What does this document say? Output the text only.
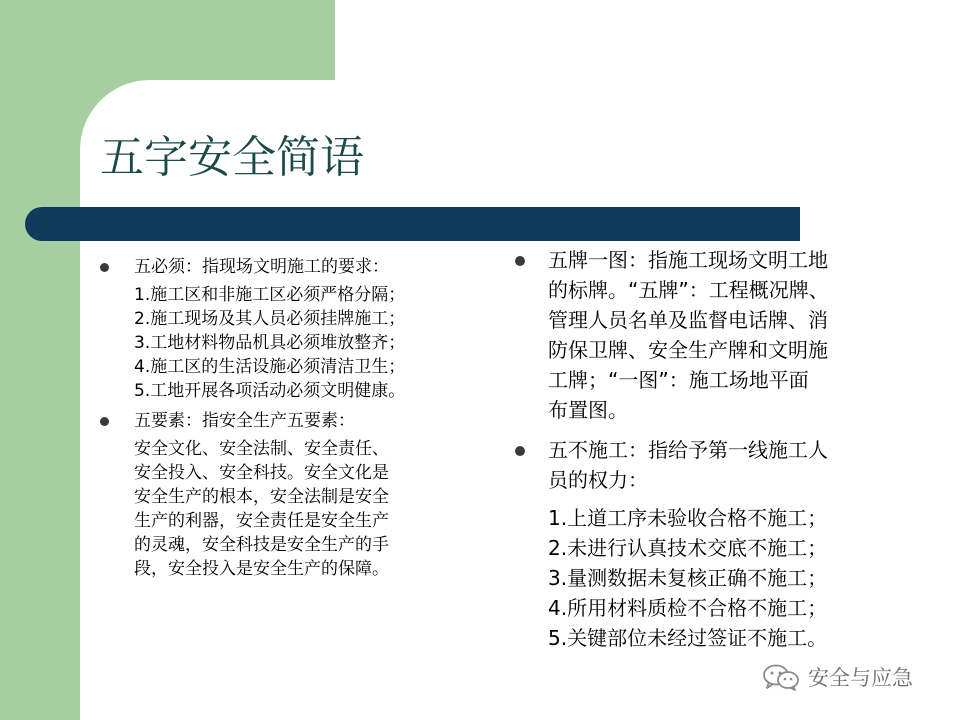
五字安全简语
五必须：指现场文明施工的要求：
1.施工区和非施工区必须严格分隔；
2.施工现场及其人员必须挂牌施工；
3.工地材料物品机具必须堆放整齐；
4.施工区的生活设施必须清洁卫生；
5.工地开展各项活动必须文明健康。
五要素：指安全生产五要素：
安全文化、安全法制、安全责任、
安全投入、安全科技。安全文化是
安全生产的根本，安全法制是安全
生产的利器，安全责任是安全生产
的灵魂，安全科技是安全生产的手
段，安全投入是安全生产的保障。
五牌一图：指施工现场文明工地
的标牌。“五牌”：工程概况牌、
管理人员名单及监督电话牌、消
防保卫牌、安全生产牌和文明施
工牌；“一图”：施工场地平面
布置图。
五不施工：指给予第一线施工人
员的权力：
1.上道工序未验收合格不施工；
2.未进行认真技术交底不施工；
3.量测数据未复核正确不施工；
4.所用材料质检不合格不施工；
5.关键部位未经过签证不施工。
安全与应急
